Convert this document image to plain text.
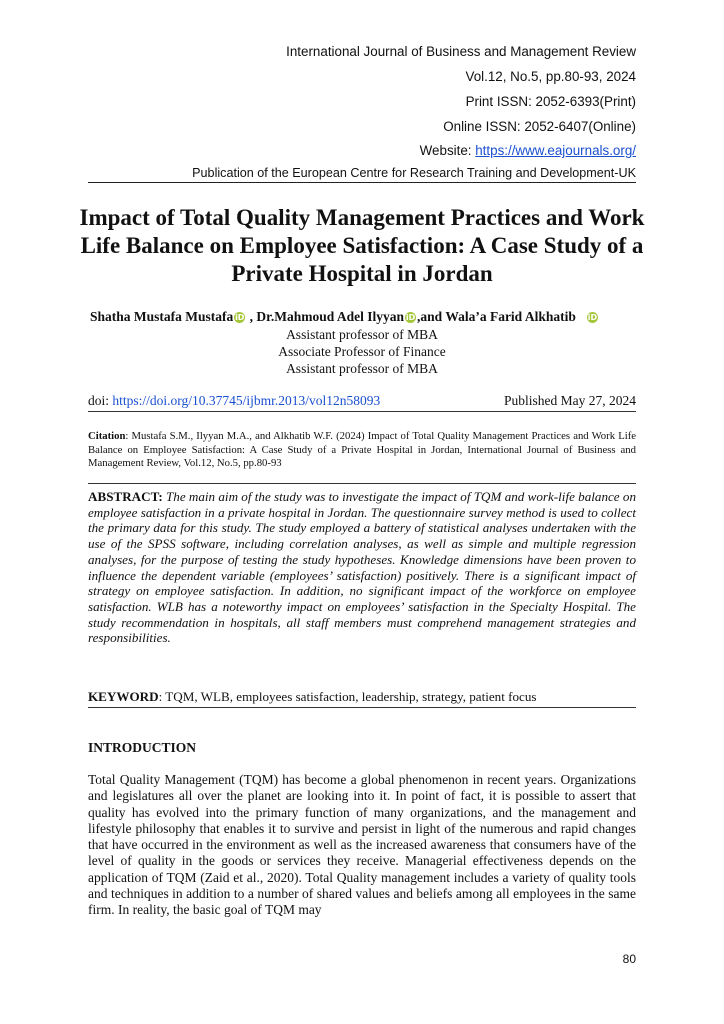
International Journal of Business and Management Review
Vol.12, No.5, pp.80-93, 2024
Print ISSN: 2052-6393(Print)
Online ISSN: 2052-6407(Online)
Website: https://www.eajournals.org/
Publication of the European Centre for Research Training and Development-UK
Impact of Total Quality Management Practices and Work Life Balance on Employee Satisfaction: A Case Study of a Private Hospital in Jordan
Shatha Mustafa Mustafa iD , Dr.Mahmoud Adel Ilyyan iD ,and Wala’a Farid Alkhatib iD
Assistant professor of MBA
Associate Professor of Finance
Assistant professor of MBA
doi: https://doi.org/10.37745/ijbmr.2013/vol12n58093	Published May 27, 2024
Citation: Mustafa S.M., Ilyyan M.A., and Alkhatib W.F. (2024) Impact of Total Quality Management Practices and Work Life Balance on Employee Satisfaction: A Case Study of a Private Hospital in Jordan, International Journal of Business and Management Review, Vol.12, No.5, pp.80-93
ABSTRACT: The main aim of the study was to investigate the impact of TQM and work-life balance on employee satisfaction in a private hospital in Jordan. The questionnaire survey method is used to collect the primary data for this study. The study employed a battery of statistical analyses undertaken with the use of the SPSS software, including correlation analyses, as well as simple and multiple regression analyses, for the purpose of testing the study hypotheses. Knowledge dimensions have been proven to influence the dependent variable (employees’ satisfaction) positively. There is a significant impact of strategy on employee satisfaction. In addition, no significant impact of the workforce on employee satisfaction. WLB has a noteworthy impact on employees’ satisfaction in the Specialty Hospital. The study recommendation in hospitals, all staff members must comprehend management strategies and responsibilities.
KEYWORD: TQM, WLB, employees satisfaction, leadership, strategy, patient focus
INTRODUCTION

Total Quality Management (TQM) has become a global phenomenon in recent years. Organizations and legislatures all over the planet are looking into it. In point of fact, it is possible to assert that quality has evolved into the primary function of many organizations, and the management and lifestyle philosophy that enables it to survive and persist in light of the numerous and rapid changes that have occurred in the environment as well as the increased awareness that consumers have of the level of quality in the goods or services they receive. Managerial effectiveness depends on the application of TQM (Zaid et al., 2020). Total Quality management includes a variety of quality tools and techniques in addition to a number of shared values and beliefs among all employees in the same firm. In reality, the basic goal of TQM may

80
